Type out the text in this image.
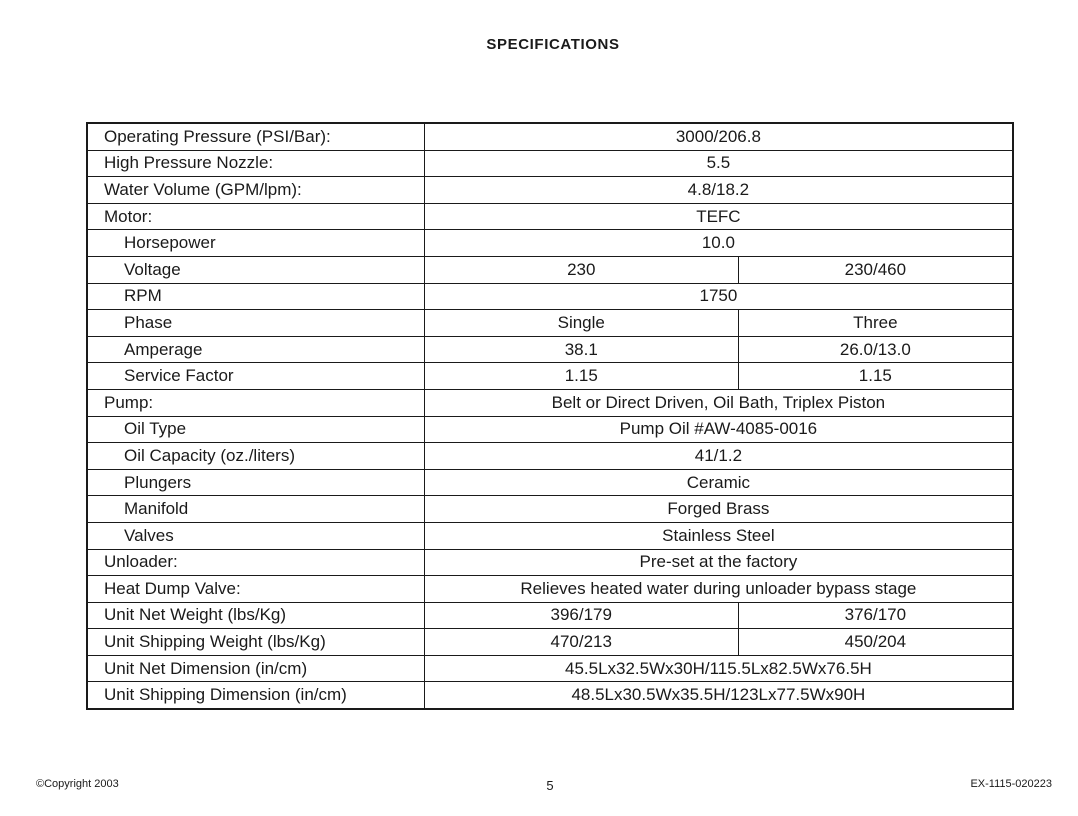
SPECIFICATIONS
Operating Pressure (PSI/Bar):	3000/206.8	
High Pressure Nozzle:	5.5	
Water Volume (GPM/lpm):	4.8/18.2	
Motor:	TEFC	
Horsepower	10.0	
Voltage	230	230/460
RPM	1750	
Phase	Single	Three
Amperage	38.1	26.0/13.0
Service Factor	1.15	1.15
Pump:	Belt or Direct Driven, Oil Bath, Triplex Piston	
Oil Type	Pump Oil #AW-4085-0016	
Oil Capacity (oz./liters)	41/1.2	
Plungers	Ceramic	
Manifold	Forged Brass	
Valves	Stainless Steel	
Unloader:	Pre-set at the factory	
Heat Dump Valve:	Relieves heated water during unloader bypass stage	
Unit Net Weight (lbs/Kg)	396/179	376/170
Unit Shipping Weight (lbs/Kg)	470/213	450/204
Unit Net Dimension (in/cm)	45.5Lx32.5Wx30H/115.5Lx82.5Wx76.5H	
Unit Shipping Dimension (in/cm)	48.5Lx30.5Wx35.5H/123Lx77.5Wx90H	
©Copyright 2003	5	EX-1115-020223
